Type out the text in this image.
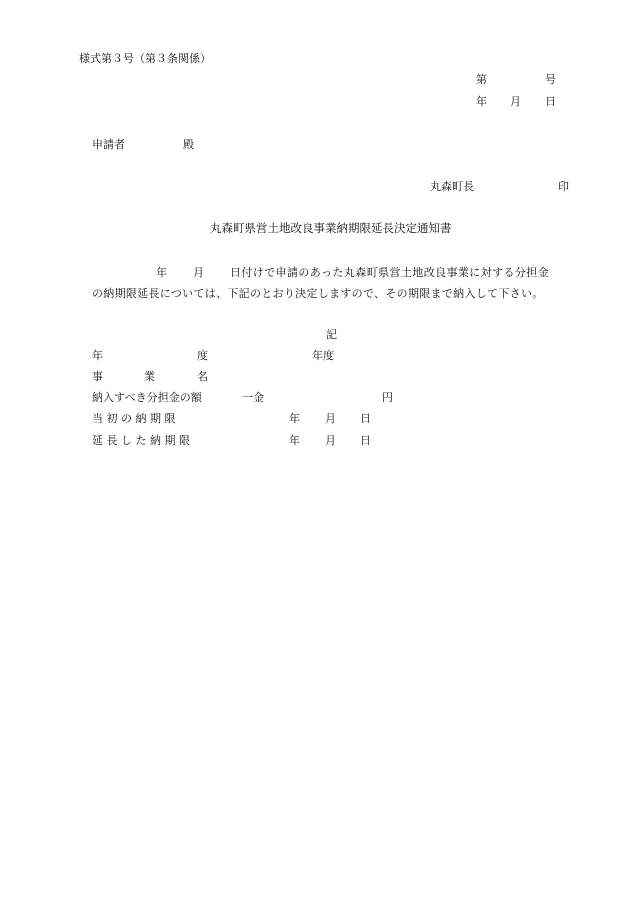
様式第３号（第３条関係）
第	号
年 月 日
申請者	殿
丸森町長	印
丸森町県営土地改良事業納期限延長決定通知書
年 月 日付けで申請のあった丸森町県営土地改良事業に対する分担金
の納期限延長については、下記のとおり決定しますので、その期限まで納入して下さい。
記
年	度	年度
事	業	名
納入すべき分担金の額	一金	円
当 初 の 納 期 限	年 月 日
延 長 し た 納 期 限	年 月 日
